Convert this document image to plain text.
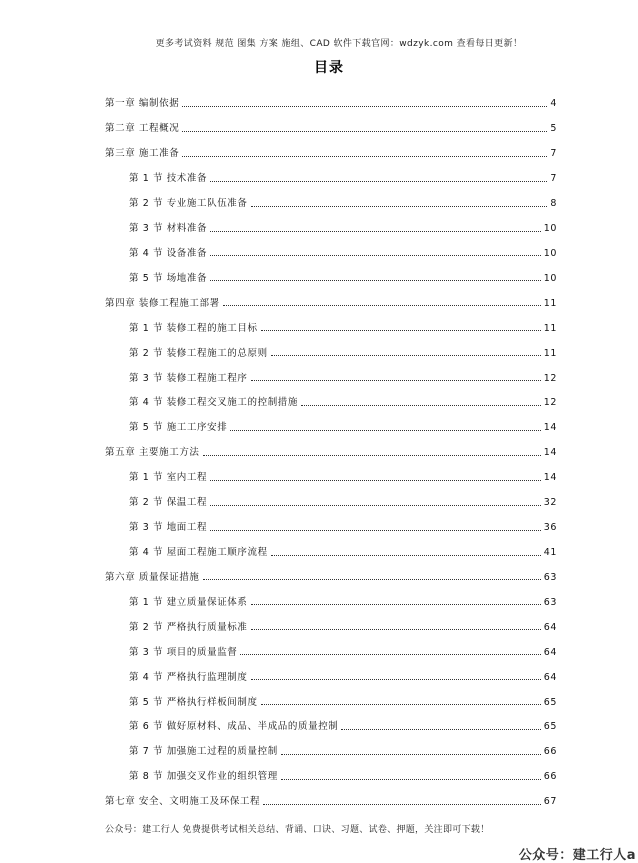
更多考试资料 规范 图集 方案 施组、CAD 软件下载官网：wdzyk.com 查看每日更新！
目录
第一章 编制依据	4
第二章 工程概况	5
第三章 施工准备	7
第 1 节 技术准备	7
第 2 节 专业施工队伍准备	8
第 3 节 材料准备	10
第 4 节 设备准备	10
第 5 节 场地准备	10
第四章 装修工程施工部署	11
第 1 节 装修工程的施工目标	11
第 2 节 装修工程施工的总原则	11
第 3 节 装修工程施工程序	12
第 4 节 装修工程交叉施工的控制措施	12
第 5 节 施工工序安排	14
第五章 主要施工方法	14
第 1 节 室内工程	14
第 2 节 保温工程	32
第 3 节 地面工程	36
第 4 节 屋面工程施工顺序流程	41
第六章 质量保证措施	63
第 1 节 建立质量保证体系	63
第 2 节 严格执行质量标准	64
第 3 节 项目的质量监督	64
第 4 节 严格执行监理制度	64
第 5 节 严格执行样板间制度	65
第 6 节 做好原材料、成品、半成品的质量控制	65
第 7 节 加强施工过程的质量控制	66
第 8 节 加强交叉作业的组织管理	66
第七章 安全、文明施工及环保工程	67
公众号：建工行人 免费提供考试相关总结、背诵、口诀、习题、试卷、押题，关注即可下载！
公众号：建工行人a
